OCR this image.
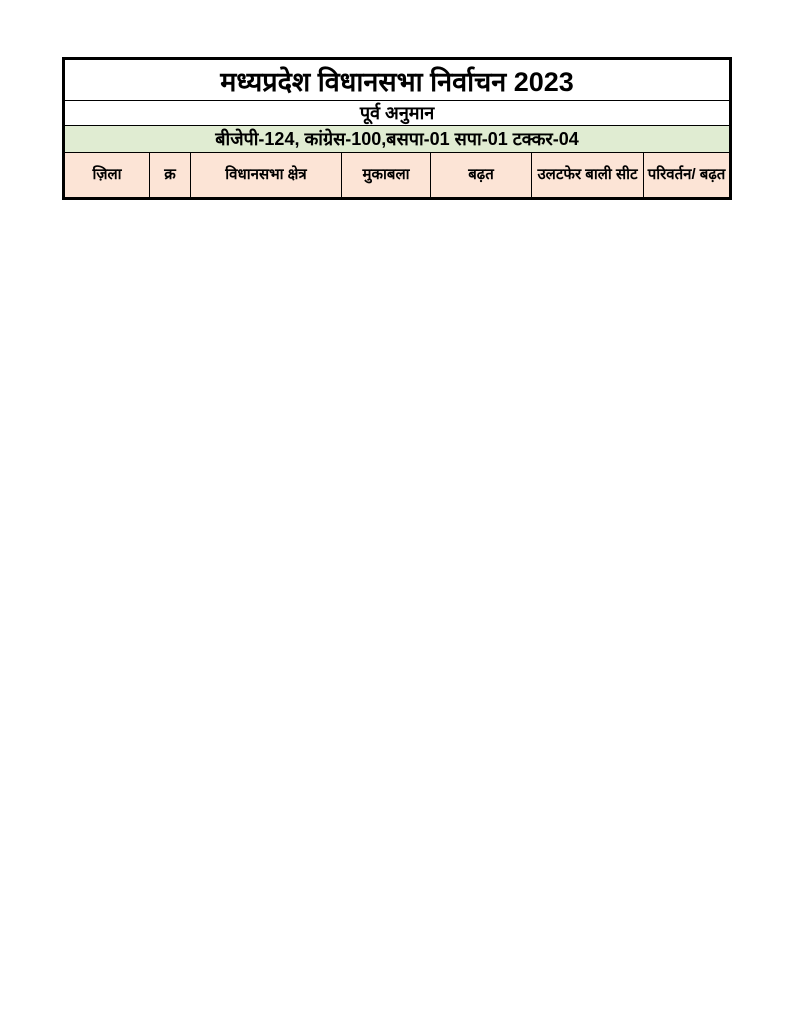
मध्यप्रदेश विधानसभा निर्वाचन 2023
पूर्व अनुमान
बीजेपी-124, कांग्रेस-100,बसपा-01 सपा-01 टक्कर-04
ज़िला	क्र	विधानसभा क्षेत्र	मुकाबला	बढ़त	उलटफेर बाली सीट	परिवर्तन/ बढ़त
